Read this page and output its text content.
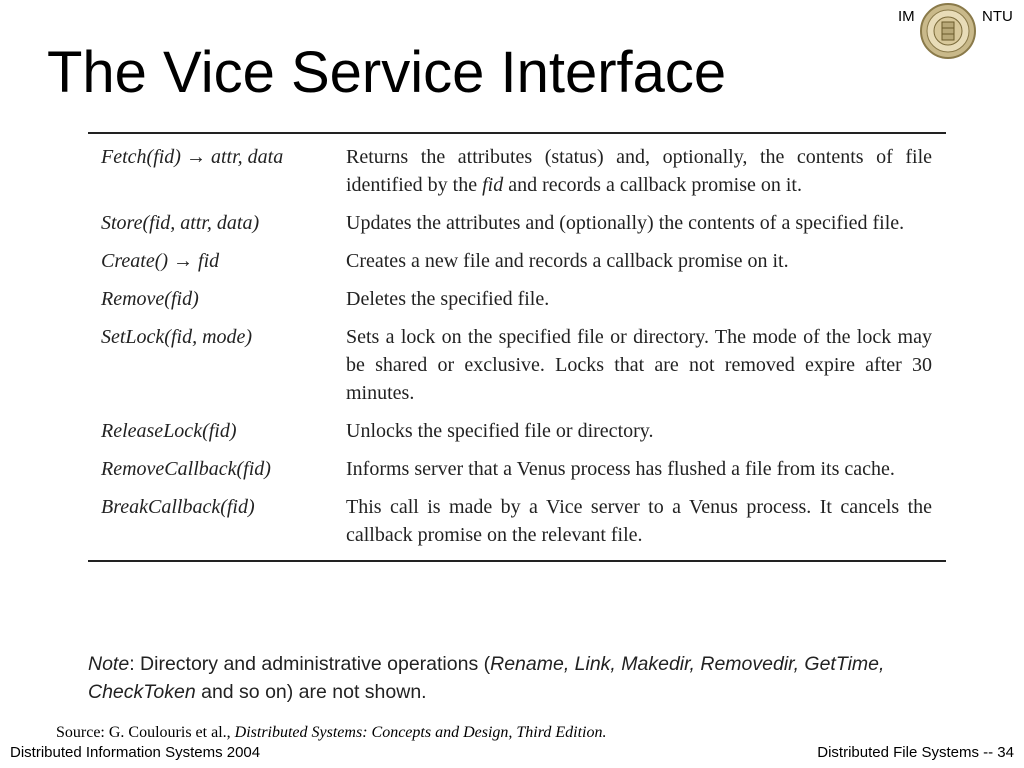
The Vice Service Interface
IM	NTU
Fetch(fid) → attr, data	Returns the attributes (status) and, optionally, the contents of file identified by the fid and records a callback promise on it.
Store(fid, attr, data)	Updates the attributes and (optionally) the contents of a specified file.
Create() → fid	Creates a new file and records a callback promise on it.
Remove(fid)	Deletes the specified file.
SetLock(fid, mode)	Sets a lock on the specified file or directory. The mode of the lock may be shared or exclusive. Locks that are not removed expire after 30 minutes.
ReleaseLock(fid)	Unlocks the specified file or directory.
RemoveCallback(fid)	Informs server that a Venus process has flushed a file from its cache.
BreakCallback(fid)	This call is made by a Vice server to a Venus process. It cancels the callback promise on the relevant file.
Note: Directory and administrative operations (Rename, Link, Makedir, Removedir, GetTime, CheckToken and so on) are not shown.
Source: G. Coulouris et al., Distributed Systems: Concepts and Design, Third Edition.
Distributed Information Systems 2004	Distributed File Systems -- 34
